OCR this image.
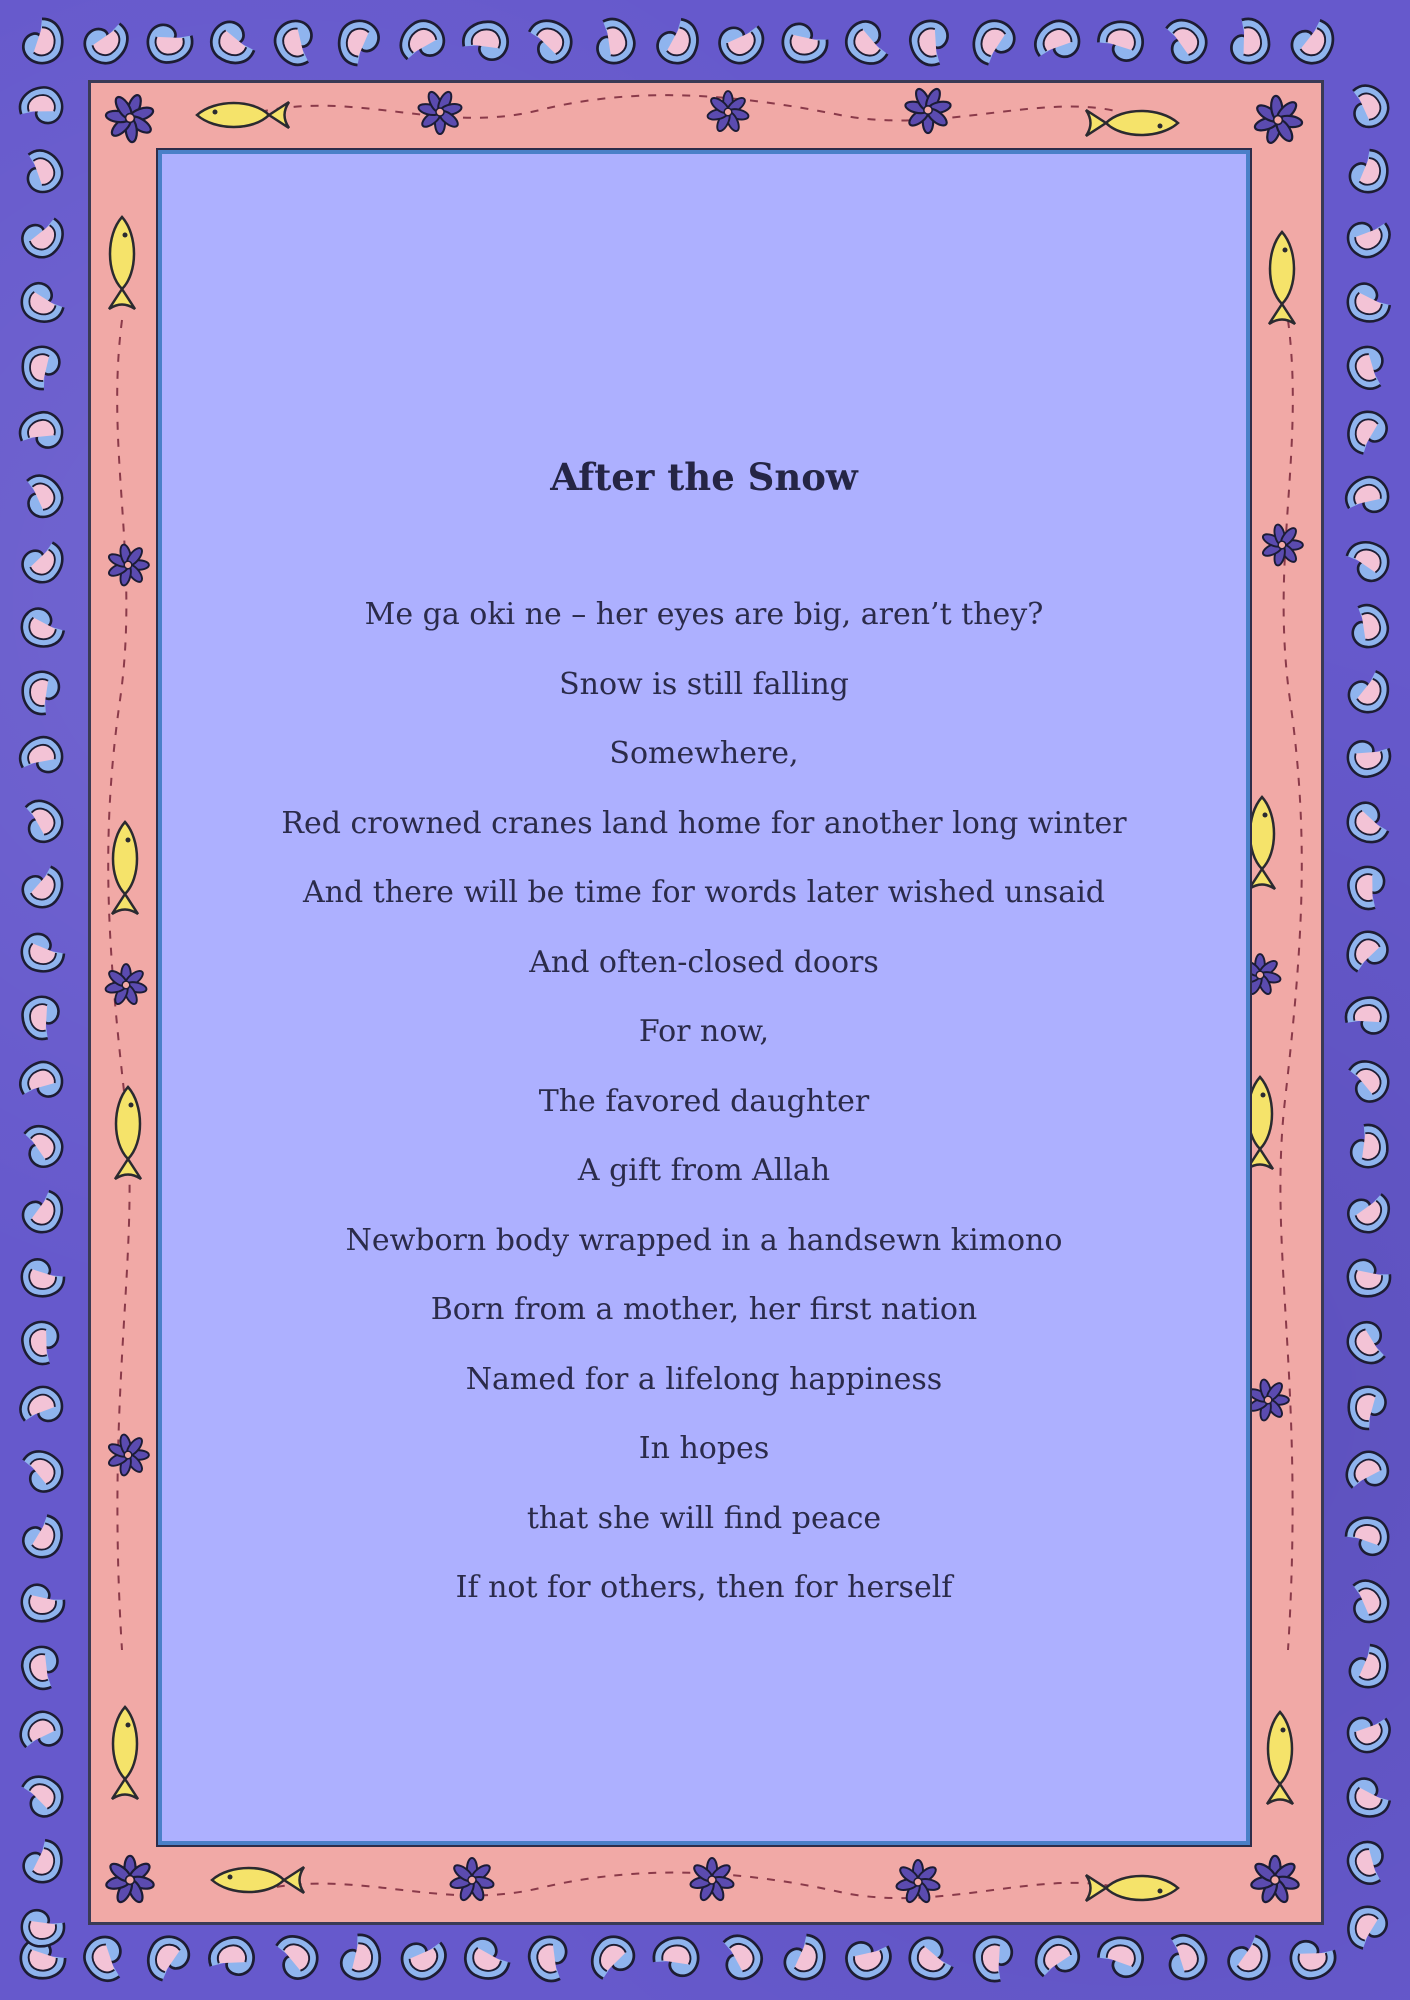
After the Snow
Me ga oki ne – her eyes are big, aren’t they?
Snow is still falling
Somewhere,
Red crowned cranes land home for another long winter
And there will be time for words later wished unsaid
And often-closed doors
For now,
The favored daughter
A gift from Allah
Newborn body wrapped in a handsewn kimono
Born from a mother, her first nation
Named for a lifelong happiness
In hopes
that she will find peace
If not for others, then for herself
